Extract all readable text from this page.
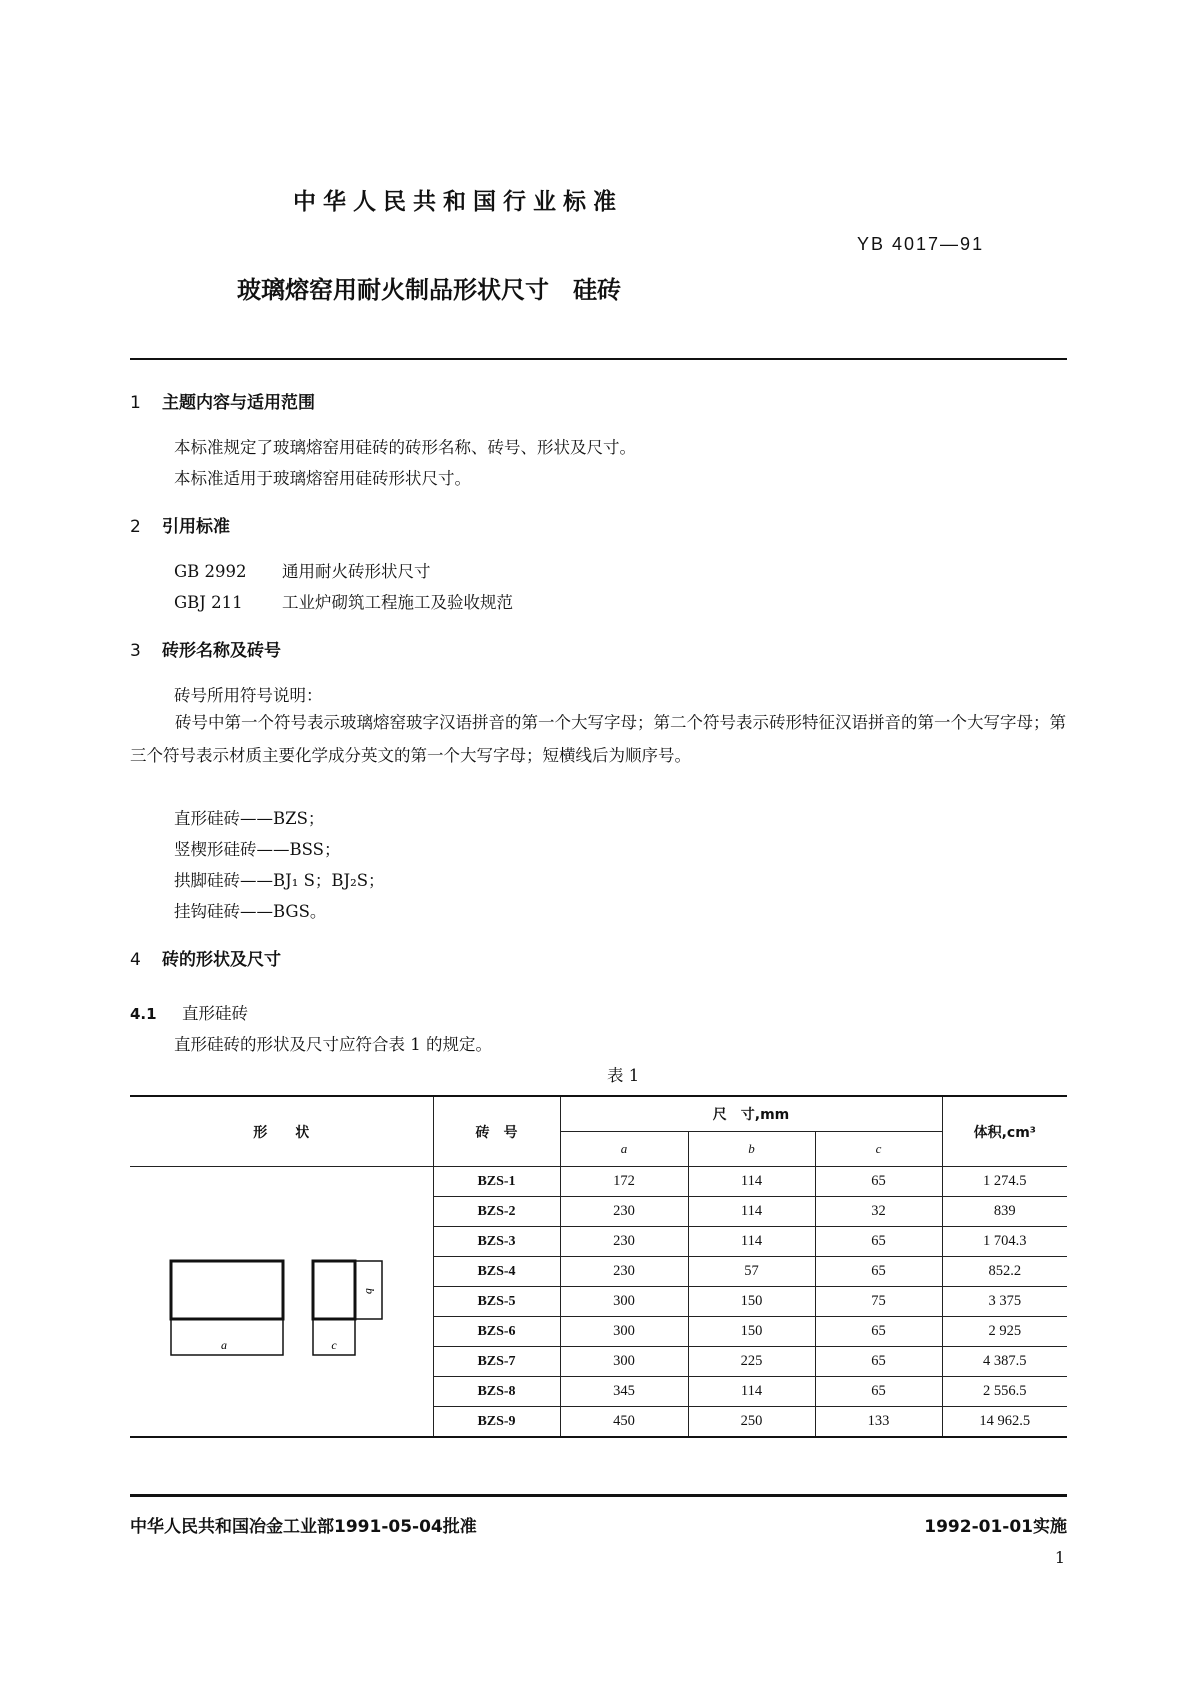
中华人民共和国行业标准
YB 4017—91
玻璃熔窑用耐火制品形状尺寸　硅砖
1 主题内容与适用范围
本标准规定了玻璃熔窑用硅砖的砖形名称、砖号、形状及尺寸。
本标准适用于玻璃熔窑用硅砖形状尺寸。
2 引用标准
GB 2992 通用耐火砖形状尺寸
GBJ 211 工业炉砌筑工程施工及验收规范
3 砖形名称及砖号
砖号所用符号说明：
砖号中第一个符号表示玻璃熔窑玻字汉语拼音的第一个大写字母；第二个符号表示砖形特征汉语拼音的第一个大写字母；第三个符号表示材质主要化学成分英文的第一个大写字母；短横线后为顺序号。
直形硅砖——BZS；
竖楔形硅砖——BSS；
拱脚硅砖——BJ₁ S；BJ₂S；
挂钩硅砖——BGS。
4 砖的形状及尺寸
4.1 直形硅砖
直形硅砖的形状及尺寸应符合表 1 的规定。
表 1
形　　状	砖　号	尺　寸,mm			体积,cm³
		a	b	c	

a c
b	BZS-1	172	114	65	1 274.5
	BZS-2	230	114	32	839
	BZS-3	230	114	65	1 704.3
	BZS-4	230	57	65	852.2
	BZS-5	300	150	75	3 375
	BZS-6	300	150	65	2 925
	BZS-7	300	225	65	4 387.5
	BZS-8	345	114	65	2 556.5
	BZS-9	450	250	133	14 962.5
中华人民共和国冶金工业部1991-05-04批准	1992-01-01实施
1
